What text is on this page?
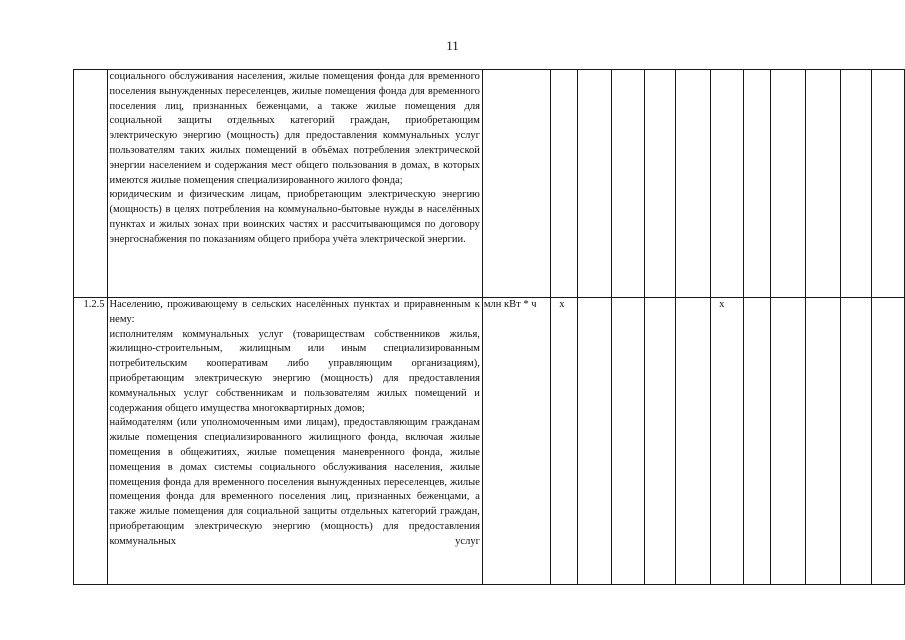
11

	социального обслуживания населения, жилые помещения фонда для временного поселения вынужденных переселенцев, жилые помещения фонда для временного поселения лиц, признанных беженцами, а также жилые помещения для социальной защиты отдельных категорий граждан, приобретающим электрическую энергию (мощность) для предоставления коммунальных услуг пользователям таких жилых помещений в объёмах потребления электрической энергии населением и содержания мест общего пользования в домах, в которых имеются жилые помещения специализированного жилого фонда;

юридическим и физическим лицам, приобретающим электрическую энергию (мощность) в целях потребления на коммунально-бытовые нужды в населённых пунктах и жилых зонах при воинских частях и рассчитывающимся по договору энергоснабжения по показаниям общего прибора учёта электрической энергии.												

1.2.5	Населению, проживающему в сельских населённых пунктах и приравненным к нему:

исполнителям коммунальных услуг (товариществам собственников жилья, жилищно-строительным, жилищным или иным специализированным потребительским кооперативам либо управляющим организациям), приобретающим электрическую энергию (мощность) для предоставления коммунальных услуг собственникам и пользователям жилых помещений и содержания общего имущества многоквартирных домов;

наймодателям (или уполномоченным ими лицам), предоставляющим гражданам жилые помещения специализированного жилищного фонда, включая жилые помещения в общежитиях, жилые помещения маневренного фонда, жилые помещения в домах системы социального обслуживания населения, жилые помещения фонда для временного поселения вынужденных переселенцев, жилые помещения фонда для временного поселения лиц, признанных беженцами, а также жилые помещения для социальной защиты отдельных категорий граждан, приобретающим электрическую энергию (мощность) для предоставления коммунальных услуг	млн кВт * ч	x					x					
